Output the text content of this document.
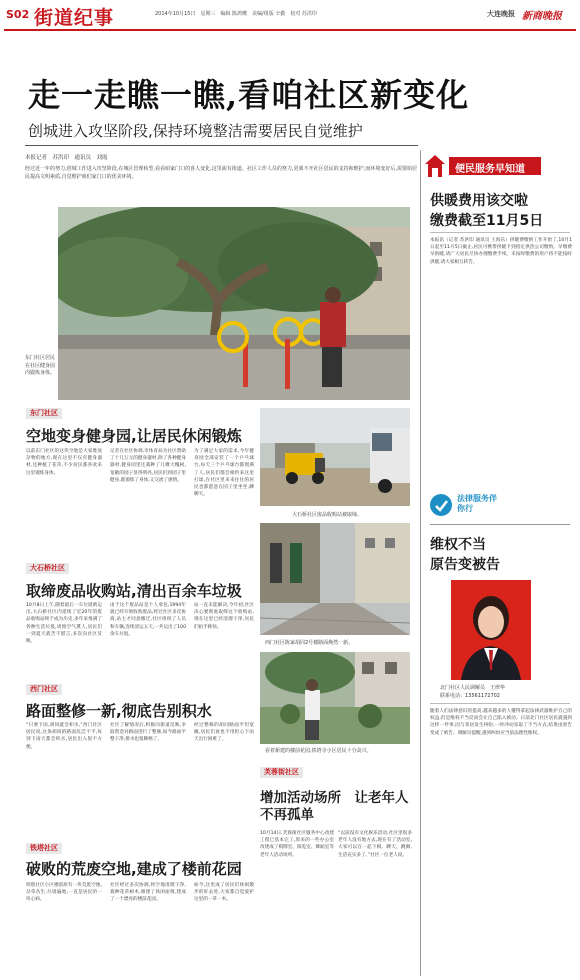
S02 街道纪事	2014年10月15日　星期三　编辑 陈鸿鹰　美编/组版 辛勤　校对 苏洪印	大连晚报 新商晚报
走一走瞧一瞧,看咱社区新变化
创城进入攻坚阶段,保持环境整洁需要居民自觉维护
本报记者　苏洪印　通讯员　刘霞
经过近一年的努力,创城工作进入攻坚阶段,在城区管理转型,看看咱家门口的喜人变化,这里面有街道、社区工作人员的努力,更离不开社区居民的支持和维护,而环境变好后,需要咱居民提高文明素质,自觉维护咱们家门口的优美环境。
东门社区居民在社区健身园内锻炼身体。
东门社区
空地变身健身园,让居民休闲锻炼
以前东门社区的这块空地是大家堆放杂物的地方,现在这里不仅有健身器材,还种植了花草,不少居民都喜欢来这里锻炼身体。
记者在社区协调,市体育局为社区赞助了十几万元的健身器材,除了各种健身器材,健身园里还栽种了几棵大槐树,宽敞的园子显得明亮,居民们到园子里健身,既锻炼了身体,又交流了感情。
为了满足大家的需求,今年健身园全部安装了一个乒乓球台,每天三个乒乓球台都围满了人,居民们都会相约来这里打球,在社区里来来往往的居民也都愿意在园子里坐坐,聊聊天。
大石桥社区
取缔废品收购站,清出百余车垃圾
10月8日上午,随着最后一车垃圾被运出,大石桥社区内延续了近20年的废品收购站终于成为历史,多年来堆满了各种生活垃圾,周围空气熏人,居民们一到夏天就苦不堪言,多次向社区反映。
由于这个废品站是个人承包,1994年就已经开始收购废品,经过社区多次协商,站主才同意搬迁,社区组织了人员和车辆,连续清运五天,一共运出了100余车垃圾。
站一直未能解决,今年初,社区决心要彻底取缔这个收购站,现在这里已经清理干净,居民们拍手称快。
西门社区
路面整修一新,彻底告别积水
“只要下雨,胡同就会积水,”西门社区居民说,这条胡同的路面坑洼不平,每到下雨天都会积水,居民出入很不方便。
社区了解情况后,积极向街道反映,争取资金对路面进行了整修,如今路面平整干净,排水也很顺畅了。
经过整修的胡同路面平坦宽敞,居民们再也不用担心下雨天出行困难了。
铁塔社区
破败的荒废空地,建成了楼前花园
铁塔社区小区楼前原有一块荒废空地,杂草丛生,垃圾遍地,一直是居民的一块心病。
社区经过多次协调,将空地清理干净,栽种花草树木,修建了休闲座椅,建成了一个漂亮的楼前花园。
如今,这里成了居民们休闲散步的好去处,大家都自觉爱护这里的一草一木。
大石桥社区废品收购站被取缔。
西门社区陈家胡同2号楼路面焕然一新。
看着新建的楼前花园,铁塔寺小区居民十分高兴。
芙蓉街社区
增加活动场所　让老年人不再孤单
10月14日,芙蓉街社区服务中心改建工程已基本完工,原来的一些办公室改建成了棋牌室、阅览室、舞蹈室等老年人活动场所。
“以前没有文化娱乐活动,社区里很多老年人没有地方去,现在有了活动室,大家可以在一起下棋、聊天、跳舞,生活充实多了。”社区一位老人说。
便民服务早知道
供暖费用该交啦
缴费截至11月5日
本报讯（记者 苏洪印 通讯员 王海乐）供暖费缴纳工作开始了,10月1日起至11月5日截止,居民可携带供暖卡到指定供热公司缴纳。早缴费早供暖,请广大居民尽快办理缴费手续。未按时缴费的用户将不能按时供暖,请大家相互转告。
法律服务伴你行
维权不当
原告变被告
北门社区人民调解员　王律华
联系电话：13561172702
随着人们法律意识的提高,越来越多的人懂得拿起法律武器维护自己的权益,但是维权不当反而会让自己陷入被动。日前北门社区居民就遇到这样一件事,因与邻居发生纠纷,一时冲动采取了不当方式,结果由原告变成了被告。调解员提醒,遇到纠纷应当依法理性维权。
